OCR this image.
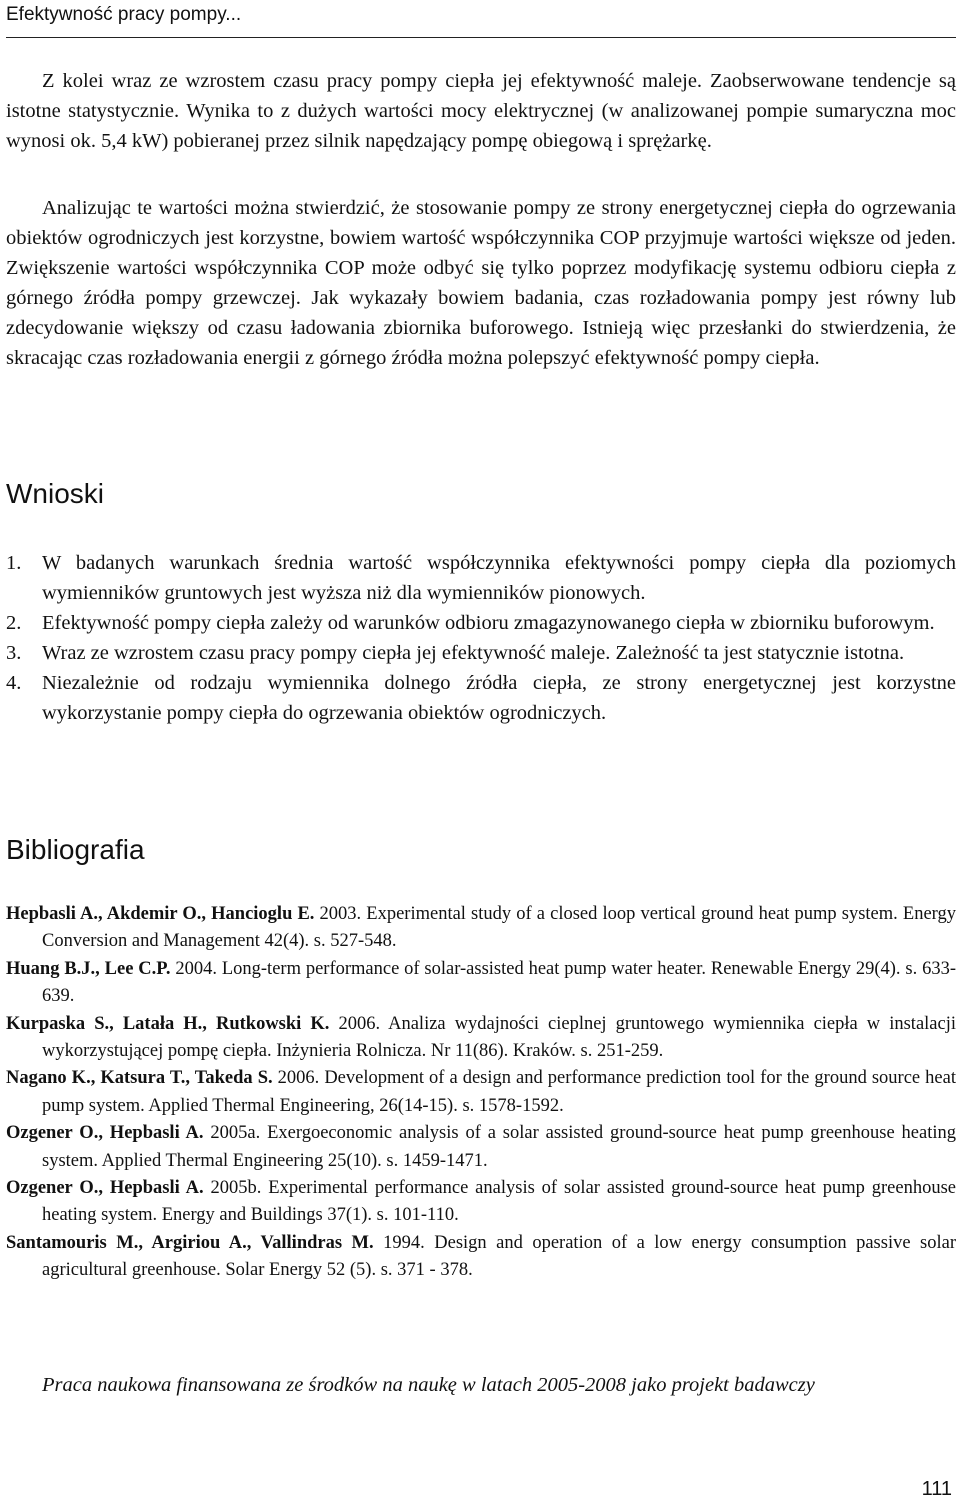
Efektywność pracy pompy...

Z kolei wraz ze wzrostem czasu pracy pompy ciepła jej efektywność maleje. Zaobserwowane tendencje są istotne statystycznie. Wynika to z dużych wartości mocy elektrycznej (w analizowanej pompie sumaryczna moc wynosi ok. 5,4 kW) pobieranej przez silnik napędzający pompę obiegową i sprężarkę.

Analizując te wartości można stwierdzić, że stosowanie pompy ze strony energetycznej ciepła do ogrzewania obiektów ogrodniczych jest korzystne, bowiem wartość współczynnika COP przyjmuje wartości większe od jeden. Zwiększenie wartości współczynnika COP może odbyć się tylko poprzez modyfikację systemu odbioru ciepła z górnego źródła pompy grzewczej. Jak wykazały bowiem badania, czas rozładowania pompy jest równy lub zdecydowanie większy od czasu ładowania zbiornika buforowego. Istnieją więc przesłanki do stwierdzenia, że skracając czas rozładowania energii z górnego źródła można polepszyć efektywność pompy ciepła.

Wnioski
1. W badanych warunkach średnia wartość współczynnika efektywności pompy ciepła dla poziomych wymienników gruntowych jest wyższa niż dla wymienników pionowych.
2. Efektywność pompy ciepła zależy od warunków odbioru zmagazynowanego ciepła w zbiorniku buforowym.
3. Wraz ze wzrostem czasu pracy pompy ciepła jej efektywność maleje. Zależność ta jest statycznie istotna.
4. Niezależnie od rodzaju wymiennika dolnego źródła ciepła, ze strony energetycznej jest korzystne wykorzystanie pompy ciepła do ogrzewania obiektów ogrodniczych.
Bibliografia
Hepbasli A., Akdemir O., Hancioglu E. 2003. Experimental study of a closed loop vertical ground heat pump system. Energy Conversion and Management 42(4). s. 527-548.
Huang B.J., Lee C.P. 2004. Long-term performance of solar-assisted heat pump water heater. Renewable Energy 29(4). s. 633- 639.
Kurpaska S., Latała H., Rutkowski K. 2006. Analiza wydajności cieplnej gruntowego wymiennika ciepła w instalacji wykorzystującej pompę ciepła. Inżynieria Rolnicza. Nr 11(86). Kraków. s. 251-259.
Nagano K., Katsura T., Takeda S. 2006. Development of a design and performance prediction tool for the ground source heat pump system. Applied Thermal Engineering, 26(14-15). s. 1578-1592.
Ozgener O., Hepbasli A. 2005a. Exergoeconomic analysis of a solar assisted ground-source heat pump greenhouse heating system. Applied Thermal Engineering 25(10). s. 1459-1471.
Ozgener O., Hepbasli A. 2005b. Experimental performance analysis of solar assisted ground-source heat pump greenhouse heating system. Energy and Buildings 37(1). s. 101-110.
Santamouris M., Argiriou A., Vallindras M. 1994. Design and operation of a low energy consumption passive solar agricultural greenhouse. Solar Energy 52 (5). s. 371 - 378.

Praca naukowa finansowana ze środków na naukę w latach 2005-2008 jako projekt badawczy

111
